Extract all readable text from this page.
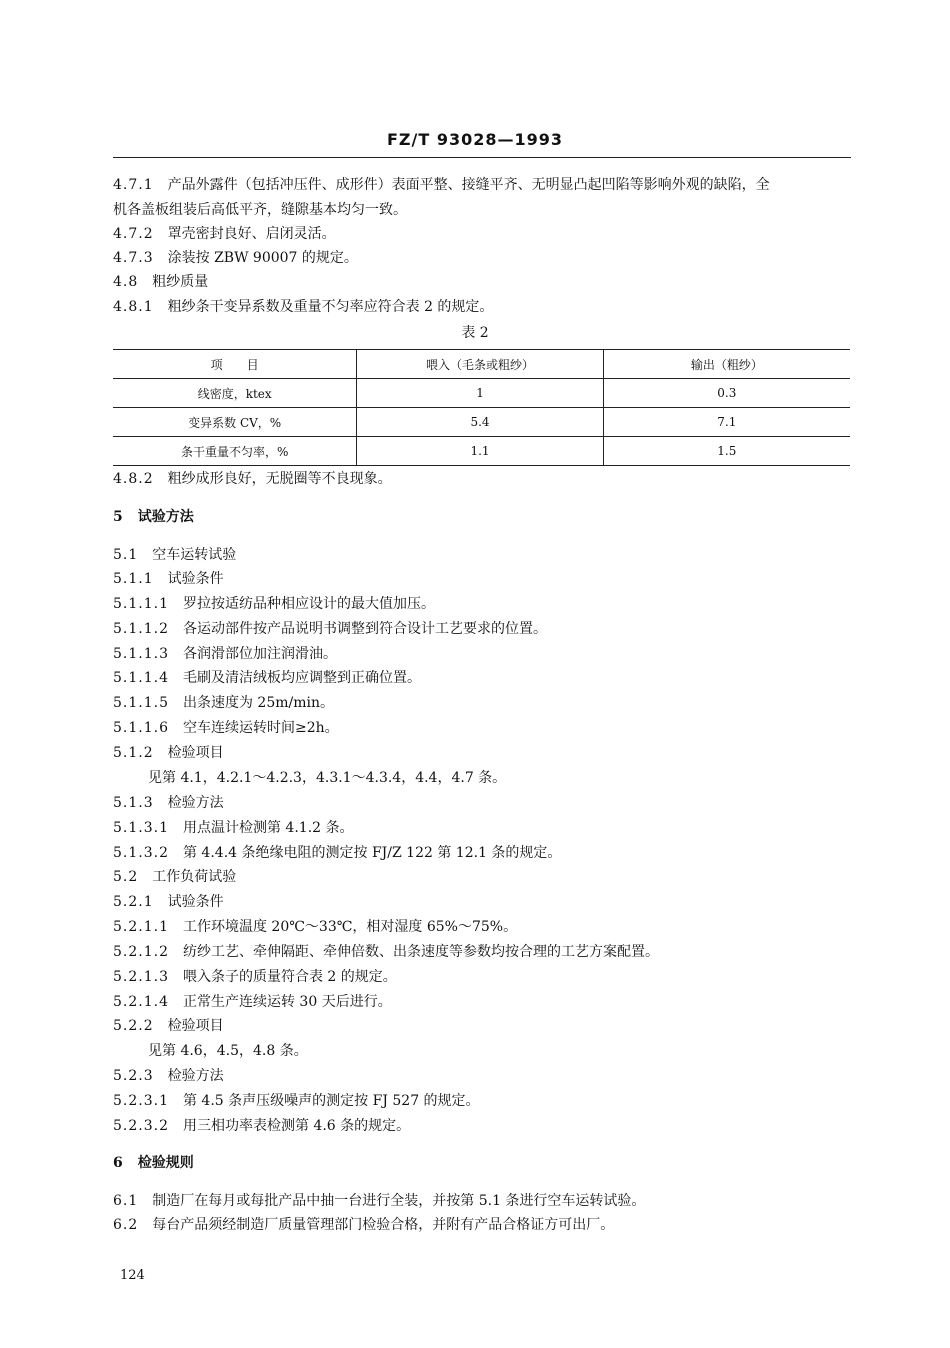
FZ/T 93028—1993
4.7.1 产品外露件（包括冲压件、成形件）表面平整、接缝平齐、无明显凸起凹陷等影响外观的缺陷，全
机各盖板组装后高低平齐，缝隙基本均匀一致。
4.7.2 罩壳密封良好、启闭灵活。
4.7.3 涂装按 ZBW 90007 的规定。
4.8 粗纱质量
4.8.1 粗纱条干变异系数及重量不匀率应符合表 2 的规定。
表 2
项　　目	喂入（毛条或粗纱）	输出（粗纱）
线密度，ktex	1	0.3
变异系数 CV，%	5.4	7.1
条干重量不匀率，%	1.1	1.5
4.8.2 粗纱成形良好，无脱圈等不良现象。
5 试验方法
5.1 空车运转试验
5.1.1 试验条件
5.1.1.1 罗拉按适纺品种相应设计的最大值加压。
5.1.1.2 各运动部件按产品说明书调整到符合设计工艺要求的位置。
5.1.1.3 各润滑部位加注润滑油。
5.1.1.4 毛刷及清洁绒板均应调整到正确位置。
5.1.1.5 出条速度为 25m/min。
5.1.1.6 空车连续运转时间≥2h。
5.1.2 检验项目
见第 4.1，4.2.1～4.2.3，4.3.1～4.3.4，4.4，4.7 条。
5.1.3 检验方法
5.1.3.1 用点温计检测第 4.1.2 条。
5.1.3.2 第 4.4.4 条绝缘电阻的测定按 FJ/Z 122 第 12.1 条的规定。
5.2 工作负荷试验
5.2.1 试验条件
5.2.1.1 工作环境温度 20℃～33℃，相对湿度 65%～75%。
5.2.1.2 纺纱工艺、牵伸隔距、牵伸倍数、出条速度等参数均按合理的工艺方案配置。
5.2.1.3 喂入条子的质量符合表 2 的规定。
5.2.1.4 正常生产连续运转 30 天后进行。
5.2.2 检验项目
见第 4.6，4.5，4.8 条。
5.2.3 检验方法
5.2.3.1 第 4.5 条声压级噪声的测定按 FJ 527 的规定。
5.2.3.2 用三相功率表检测第 4.6 条的规定。
6 检验规则
6.1 制造厂在每月或每批产品中抽一台进行全装，并按第 5.1 条进行空车运转试验。
6.2 每台产品须经制造厂质量管理部门检验合格，并附有产品合格证方可出厂。
124
